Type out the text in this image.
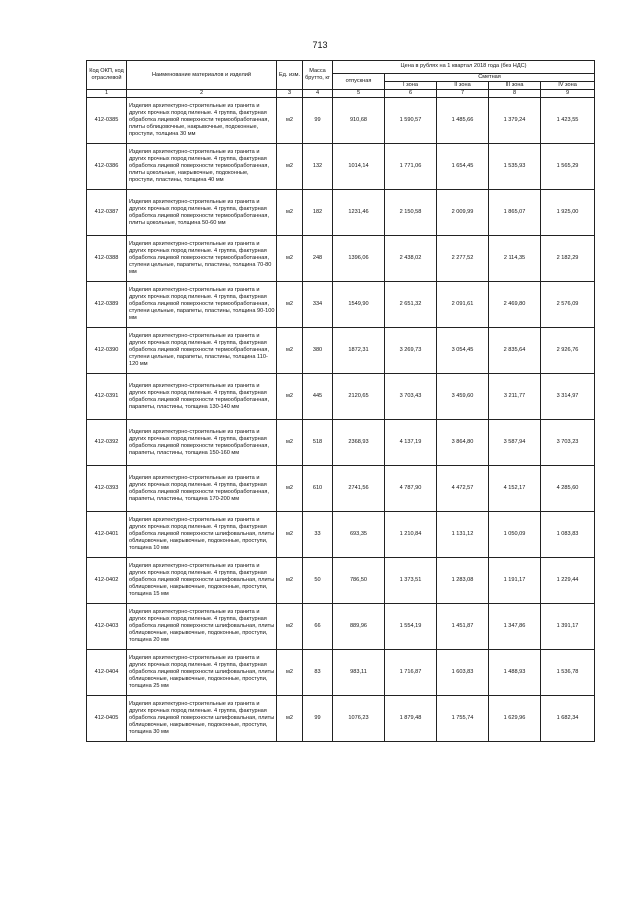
713
Код ОКП, код отраслевой	Наименование материалов и изделий	Ед. изм.	Масса брутто, кг	Цена в рублях на 1 квартал 2018 года (без НДС)				
				отпускная	Сметная			
					I зона	II зона	III зона	IV зона
1	2	3	4	5	6	7	8	9
412-0385	Изделия архитектурно-строительные из гранита и других прочных пород пиленые. 4 группа, фактурная обработка лицевой поверхности термообработанная, плиты облицовочные, накрывочные, подоконные, проступи, толщина 30 мм	м2	99	910,68	1 590,57	1 485,66	1 379,24	1 423,55
412-0386	Изделия архитектурно-строительные из гранита и других прочных пород пиленые. 4 группа, фактурная обработка лицевой поверхности термообработанная, плиты цокольные, накрывочные, подоконные, проступи, пластины, толщина 40 мм	м2	132	1014,14	1 771,06	1 654,45	1 535,93	1 565,29
412-0387	Изделия архитектурно-строительные из гранита и других прочных пород пиленые. 4 группа, фактурная обработка лицевой поверхности термообработанная, плиты цокольные, толщина 50-60 мм	м2	182	1231,46	2 150,58	2 009,99	1 865,07	1 925,00
412-0388	Изделия архитектурно-строительные из гранита и других прочных пород пиленые. 4 группа, фактурная обработка лицевой поверхности термообработанная, ступени цельные, парапеты, пластины, толщина 70-80 мм	м2	248	1396,06	2 438,02	2 277,52	2 114,35	2 182,29
412-0389	Изделия архитектурно-строительные из гранита и других прочных пород пиленые. 4 группа, фактурная обработка лицевой поверхности термообработанная, ступени цельные, парапеты, пластины, толщина 90-100 мм	м2	334	1549,90	2 651,32	2 091,61	2 469,80	2 576,09
412-0390	Изделия архитектурно-строительные из гранита и других прочных пород пиленые. 4 группа, фактурная обработка лицевой поверхности термообработанная, ступени цельные, парапеты, пластины, толщина 110-120 мм	м2	380	1872,31	3 269,73	3 054,45	2 835,64	2 926,76
412-0391	Изделия архитектурно-строительные из гранита и других прочных пород пиленые. 4 группа, фактурная обработка лицевой поверхности термообработанная, парапеты, пластины, толщина 130-140 мм	м2	445	2120,65	3 703,43	3 459,60	3 211,77	3 314,97
412-0392	Изделия архитектурно-строительные из гранита и других прочных пород пиленые. 4 группа, фактурная обработка лицевой поверхности термообработанная, парапеты, пластины, толщина 150-160 мм	м2	518	2368,93	4 137,19	3 864,80	3 587,94	3 703,23
412-0393	Изделия архитектурно-строительные из гранита и других прочных пород пиленые. 4 группа, фактурная обработка лицевой поверхности термообработанная, парапеты, пластины, толщина 170-200 мм	м2	610	2741,56	4 787,90	4 472,57	4 152,17	4 285,60
412-0401	Изделия архитектурно-строительные из гранита и других прочных пород пиленые. 4 группа, фактурная обработка лицевой поверхности шлифовальная, плиты облицовочные, накрывочные, подоконные, проступи, толщина 10 мм	м2	33	693,35	1 210,84	1 131,12	1 050,09	1 083,83
412-0402	Изделия архитектурно-строительные из гранита и других прочных пород пиленые. 4 группа, фактурная обработка лицевой поверхности шлифовальная, плиты облицовочные, накрывочные, подоконные, проступи, толщина 15 мм	м2	50	786,50	1 373,51	1 283,08	1 191,17	1 229,44
412-0403	Изделия архитектурно-строительные из гранита и других прочных пород пиленые. 4 группа, фактурная обработка лицевой поверхности шлифовальная, плиты облицовочные, накрывочные, подоконные, проступи, толщина 20 мм	м2	66	889,96	1 554,19	1 451,87	1 347,86	1 391,17
412-0404	Изделия архитектурно-строительные из гранита и других прочных пород пиленые. 4 группа, фактурная обработка лицевой поверхности шлифовальная, плиты облицовочные, накрывочные, подоконные, проступи, толщина 25 мм	м2	83	983,11	1 716,87	1 603,83	1 488,93	1 536,78
412-0405	Изделия архитектурно-строительные из гранита и других прочных пород пиленые. 4 группа, фактурная обработка лицевой поверхности шлифовальная, плиты облицовочные, накрывочные, подоконные, проступи, толщина 30 мм	м2	99	1076,23	1 879,48	1 755,74	1 629,96	1 682,34
